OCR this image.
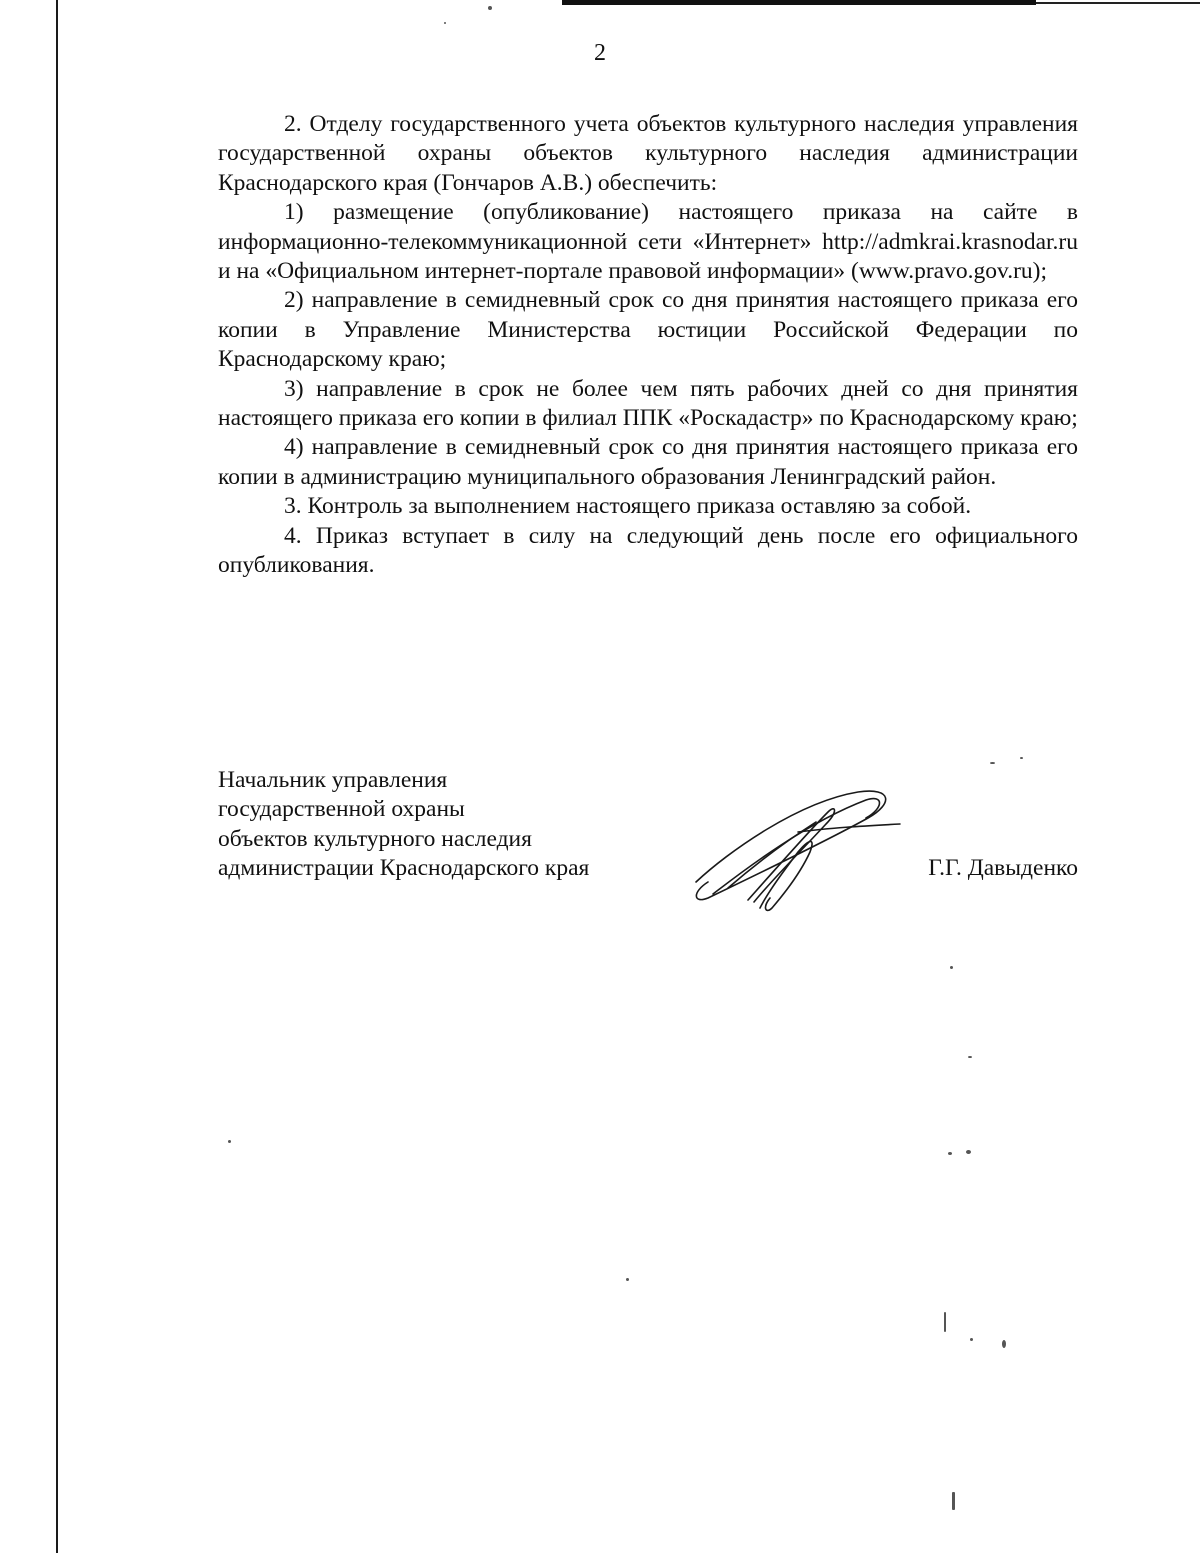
2

2. Отделу государственного учета объектов культурного наследия управления государственной охраны объектов культурного наследия администрации Краснодарского края (Гончаров А.В.) обеспечить:

1) размещение (опубликование) настоящего приказа на сайте в информационно-телекоммуникационной сети «Интернет» http://admkrai.krasnodar.ru и на «Официальном интернет-портале правовой информации» (www.pravo.gov.ru);

2) направление в семидневный срок со дня принятия настоящего приказа его копии в Управление Министерства юстиции Российской Федерации по Краснодарскому краю;

3) направление в срок не более чем пять рабочих дней со дня принятия настоящего приказа его копии в филиал ППК «Роскадастр» по Краснодарскому краю;

4) направление в семидневный срок со дня принятия настоящего приказа его копии в администрацию муниципального образования Ленинградский район.

3. Контроль за выполнением настоящего приказа оставляю за собой.

4. Приказ вступает в силу на следующий день после его официального опубликования.

Начальник управления
государственной охраны
объектов культурного наследия
администрации Краснодарского края	Г.Г. Давыденко
